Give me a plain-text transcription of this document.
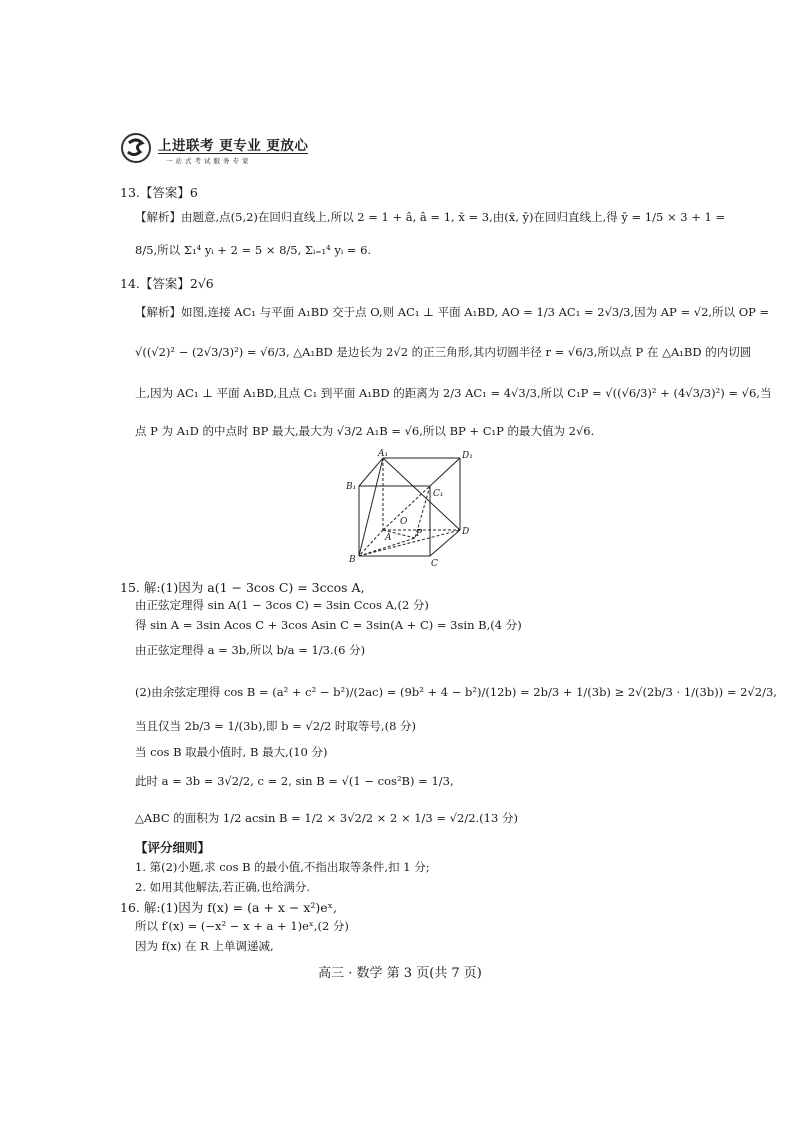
上进联考 更专业 更放心
一站式考试服务专家
13.【答案】6
【解析】由题意,点(5,2)在回归直线上,所以 2 = 1 + â, â = 1, x̄ = 3,由(x̄, ȳ)在回归直线上,得 ȳ = 1/5 × 3 + 1 =
8/5,所以 Σ₁⁴ yᵢ + 2 = 5 × 8/5, Σᵢ₌₁⁴ yᵢ = 6.
14.【答案】2√6
【解析】如图,连接 AC₁ 与平面 A₁BD 交于点 O,则 AC₁ ⊥ 平面 A₁BD, AO = 1/3 AC₁ = 2√3/3,因为 AP = √2,所以 OP =
√((√2)² − (2√3/3)²) = √6/3, △A₁BD 是边长为 2√2 的正三角形,其内切圆半径 r = √6/3,所以点 P 在 △A₁BD 的内切圆
上,因为 AC₁ ⊥ 平面 A₁BD,且点 C₁ 到平面 A₁BD 的距离为 2/3 AC₁ = 4√3/3,所以 C₁P = √((√6/3)² + (4√3/3)²) = √6,当
点 P 为 A₁D 的中点时 BP 最大,最大为 √3/2 A₁B = √6,所以 BP + C₁P 的最大值为 2√6.
A₁	D₁
B₁
C₁
O
A	P	D
B	C
15. 解:(1)因为 a(1 − 3cos C) = 3ccos A,
由正弦定理得 sin A(1 − 3cos C) = 3sin Ccos A,(2 分)
得 sin A = 3sin Acos C + 3cos Asin C = 3sin(A + C) = 3sin B,(4 分)
由正弦定理得 a = 3b,所以 b/a = 1/3.(6 分)
(2)由余弦定理得 cos B = (a² + c² − b²)/(2ac) = (9b² + 4 − b²)/(12b) = 2b/3 + 1/(3b) ≥ 2√(2b/3 · 1/(3b)) = 2√2/3,
当且仅当 2b/3 = 1/(3b),即 b = √2/2 时取等号,(8 分)
当 cos B 取最小值时, B 最大,(10 分)
此时 a = 3b = 3√2/2, c = 2, sin B = √(1 − cos²B) = 1/3,
△ABC 的面积为 1/2 acsin B = 1/2 × 3√2/2 × 2 × 1/3 = √2/2.(13 分)
【评分细则】
1. 第(2)小题,求 cos B 的最小值,不指出取等条件,扣 1 分;
2. 如用其他解法,若正确,也给满分.
16. 解:(1)因为 f(x) = (a + x − x²)eˣ,
所以 f′(x) = (−x² − x + a + 1)eˣ,(2 分)
因为 f(x) 在 R 上单调递减,
高三 · 数学 第 3 页(共 7 页)
